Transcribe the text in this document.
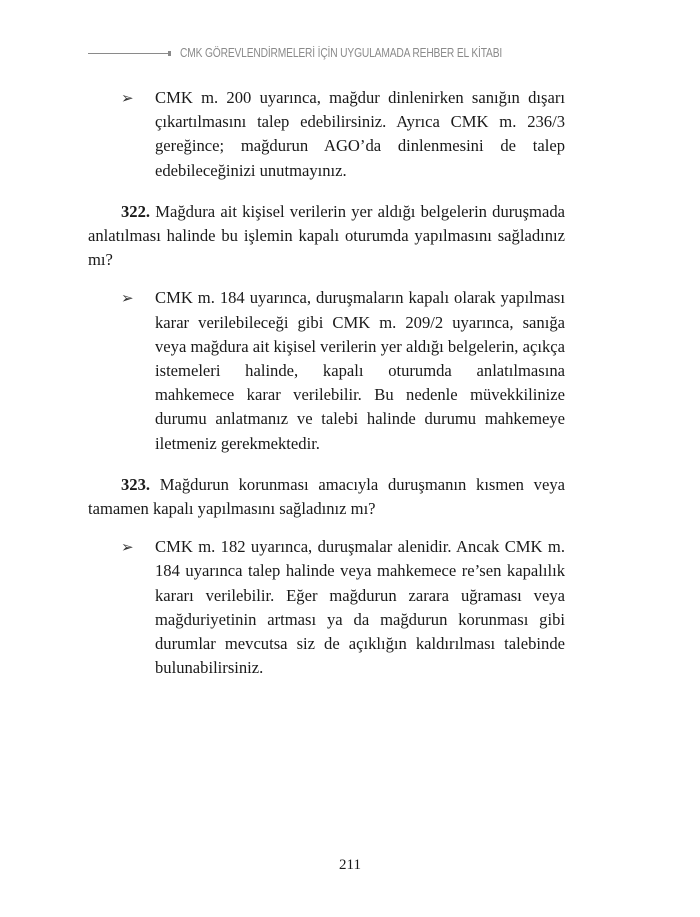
CMK GÖREVLENDİRMELERİ İÇİN UYGULAMADA REHBER EL KİTABI

➢ CMK m. 200 uyarınca, mağdur dinlenirken sanığın dışarı çıkartılmasını talep edebilirsiniz. Ayrıca CMK m. 236/3 gereğince; mağdurun AGO’da dinlenmesini de talep edebileceğinizi unutmayınız.

322. Mağdura ait kişisel verilerin yer aldığı belgelerin duruşmada anlatılması halinde bu işlemin kapalı oturumda yapılmasını sağladınız mı?

➢ CMK m. 184 uyarınca, duruşmaların kapalı olarak yapılması karar verilebileceği gibi CMK m. 209/2 uyarınca, sanığa veya mağdura ait kişisel verilerin yer aldığı belgelerin, açıkça istemeleri halinde, kapalı oturumda anlatılmasına mahkemece karar verilebilir. Bu nedenle müvekkilinize durumu anlatmanız ve talebi halinde durumu mahkemeye iletmeniz gerekmektedir.

323. Mağdurun korunması amacıyla duruşmanın kısmen veya tamamen kapalı yapılmasını sağladınız mı?

➢ CMK m. 182 uyarınca, duruşmalar alenidir. Ancak CMK m. 184 uyarınca talep halinde veya mahkemece re’sen kapalılık kararı verilebilir. Eğer mağdurun zarara uğraması veya mağduriyetinin artması ya da mağdurun korunması gibi durumlar mevcutsa siz de açıklığın kaldırılması talebinde bulunabilirsiniz.

211
